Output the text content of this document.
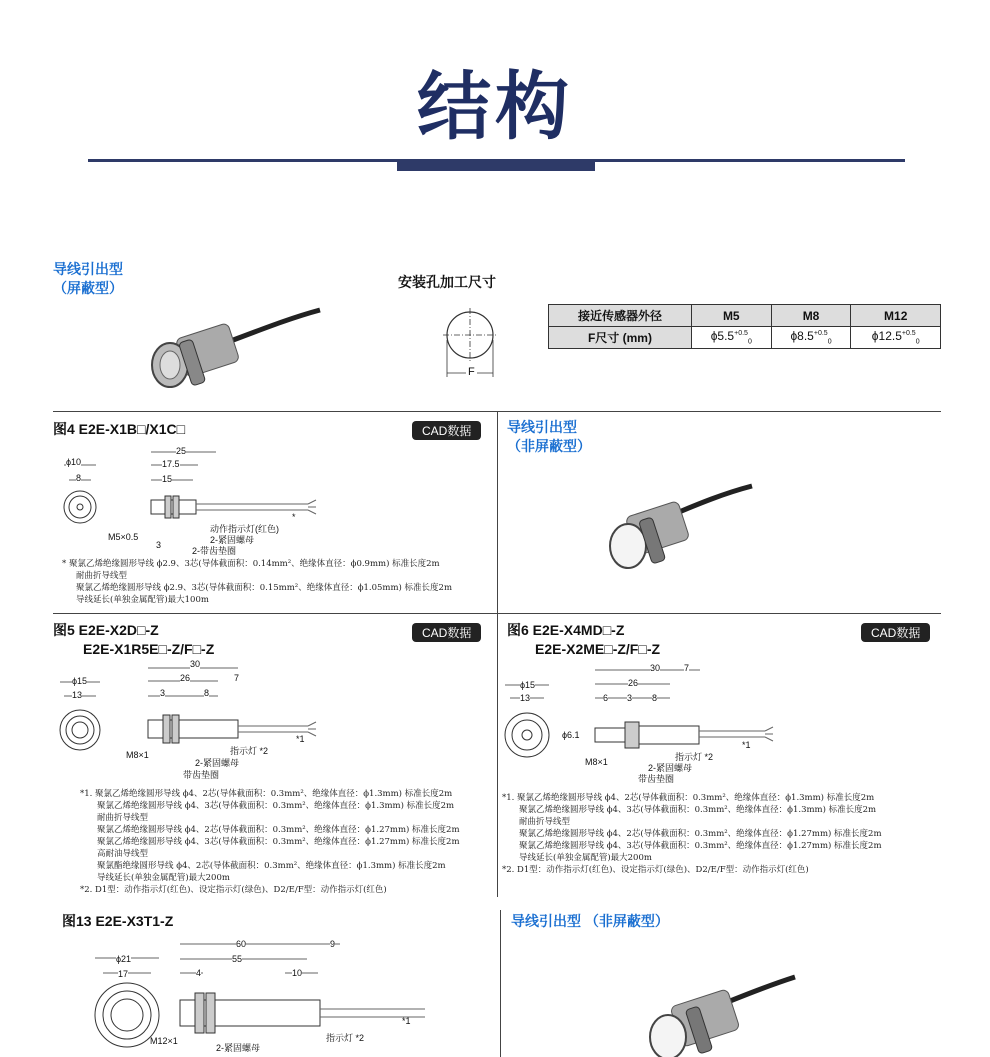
结构
导线引出型
（屏蔽型）	安装孔加工尺寸
F
接近传感器外径	M5	M8	M12
F尺寸 (mm)	$\phi 5.5^{+0.5}_0$	$\phi 8.5^{+0.5}_0$	$\phi 12.5^{+0.5}_0$
图4 E2E-X1B□/X1C□	CAD数据
ϕ10
8
25
17.5
15
M5×0.5
3
动作指示灯(红色)
2-紧固螺母
2-带齿垫圈
*
* 聚氯乙烯绝缘圆形导线 ϕ2.9、3芯(导体截面积：0.14mm²、绝缘体直径：ϕ0.9mm) 标准长度2m
耐曲折导线型
聚氯乙烯绝缘圆形导线 ϕ2.9、3芯(导体截面积：0.15mm²、绝缘体直径：ϕ1.05mm) 标准长度2m
导线延长(单独金属配管)最大100m
导线引出型
（非屏蔽型）
图5 E2E-X2D□-Z
E2E-X1R5E□-Z/F□-Z
CAD数据
ϕ15
13
30
26	7
3	8
M8×1	指示灯 *2
2-紧固螺母
带齿垫圈
*1
*1. 聚氯乙烯绝缘圆形导线 ϕ4、2芯(导体截面积：0.3mm²、绝缘体直径：ϕ1.3mm) 标准长度2m
聚氯乙烯绝缘圆形导线 ϕ4、3芯(导体截面积：0.3mm²、绝缘体直径：ϕ1.3mm) 标准长度2m
耐曲折导线型
聚氯乙烯绝缘圆形导线 ϕ4、2芯(导体截面积：0.3mm²、绝缘体直径：ϕ1.27mm) 标准长度2m
聚氯乙烯绝缘圆形导线 ϕ4、3芯(导体截面积：0.3mm²、绝缘体直径：ϕ1.27mm) 标准长度2m
高耐油导线型
聚氯酯绝缘圆形导线 ϕ4、2芯(导体截面积：0.3mm²、绝缘体直径：ϕ1.3mm) 标准长度2m
导线延长(单独金属配管)最大200m
*2. D1型：动作指示灯(红色)、设定指示灯(绿色)、D2/E/F型：动作指示灯(红色)
图6 E2E-X4MD□-Z
E2E-X2ME□-Z/F□-Z
CAD数据
ϕ15
13
30
26
7
6 3 8
ϕ6.1
M8×1	指示灯 *2
2-紧固螺母
带齿垫圈
*1
*1. 聚氯乙烯绝缘圆形导线 ϕ4、2芯(导体截面积：0.3mm²、绝缘体直径：ϕ1.3mm) 标准长度2m
聚氯乙烯绝缘圆形导线 ϕ4、3芯(导体截面积：0.3mm²、绝缘体直径：ϕ1.3mm) 标准长度2m
耐曲折导线型
聚氯乙烯绝缘圆形导线 ϕ4、2芯(导体截面积：0.3mm²、绝缘体直径：ϕ1.27mm) 标准长度2m
聚氯乙烯绝缘圆形导线 ϕ4、3芯(导体截面积：0.3mm²、绝缘体直径：ϕ1.27mm) 标准长度2m
导线延长(单独金属配管)最大200m
*2. D1型：动作指示灯(红色)、设定指示灯(绿色)、D2/E/F型：动作指示灯(红色)
图13 E2E-X3T1-Z
ϕ21
17
60
55
9
4	10
M12×1
2-紧固螺母
指示灯 *2
*1
导线引出型 （非屏蔽型）
